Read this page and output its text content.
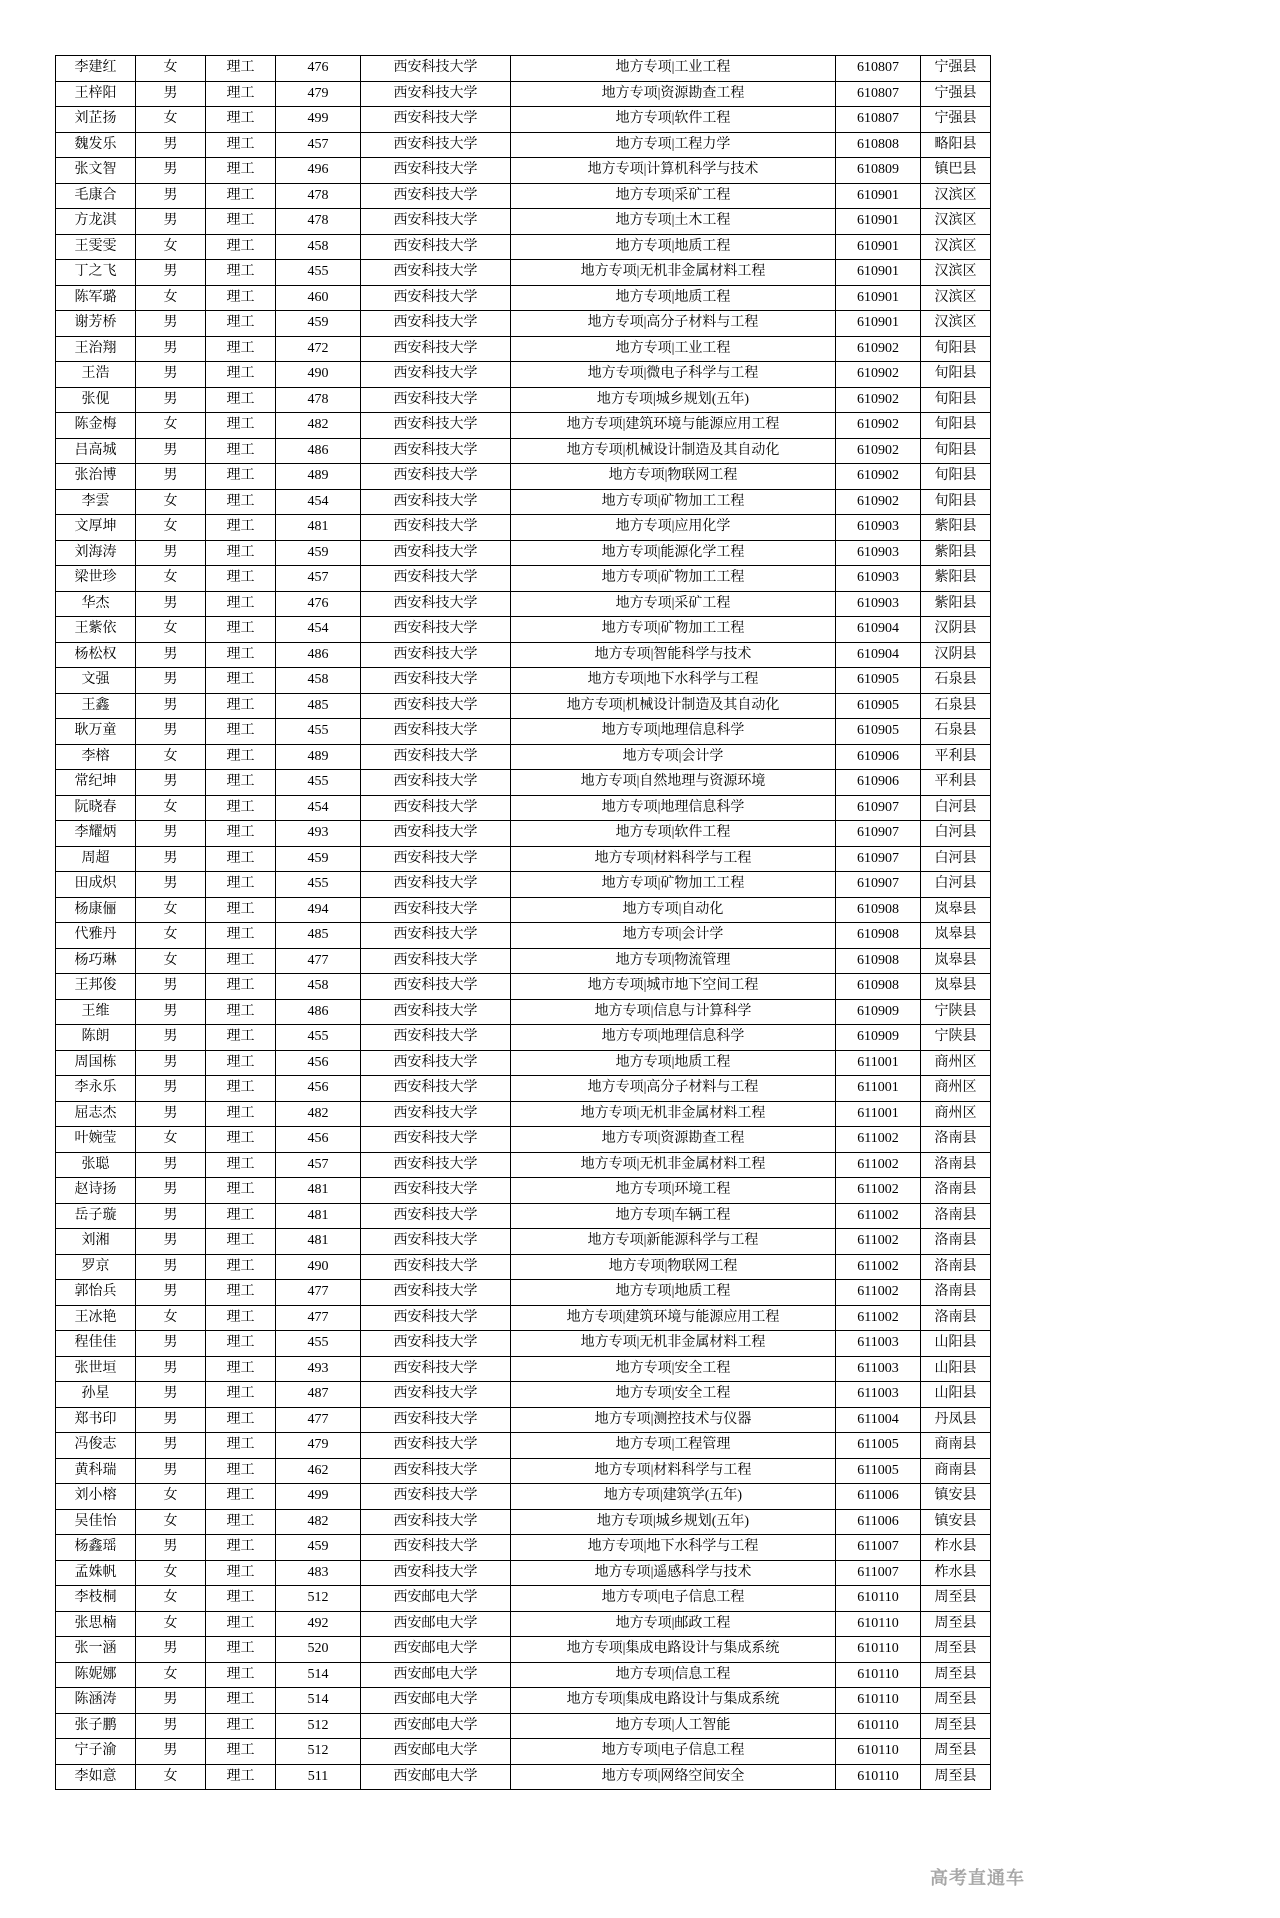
李建红	女	理工	476	西安科技大学	地方专项|工业工程	610807	宁强县
王梓阳	男	理工	479	西安科技大学	地方专项|资源勘查工程	610807	宁强县
刘芷扬	女	理工	499	西安科技大学	地方专项|软件工程	610807	宁强县
魏发乐	男	理工	457	西安科技大学	地方专项|工程力学	610808	略阳县
张文智	男	理工	496	西安科技大学	地方专项|计算机科学与技术	610809	镇巴县
毛康合	男	理工	478	西安科技大学	地方专项|采矿工程	610901	汉滨区
方龙淇	男	理工	478	西安科技大学	地方专项|土木工程	610901	汉滨区
王雯雯	女	理工	458	西安科技大学	地方专项|地质工程	610901	汉滨区
丁之飞	男	理工	455	西安科技大学	地方专项|无机非金属材料工程	610901	汉滨区
陈军璐	女	理工	460	西安科技大学	地方专项|地质工程	610901	汉滨区
谢芳桥	男	理工	459	西安科技大学	地方专项|高分子材料与工程	610901	汉滨区
王治翔	男	理工	472	西安科技大学	地方专项|工业工程	610902	旬阳县
王浩	男	理工	490	西安科技大学	地方专项|微电子科学与工程	610902	旬阳县
张伣	男	理工	478	西安科技大学	地方专项|城乡规划(五年)	610902	旬阳县
陈金梅	女	理工	482	西安科技大学	地方专项|建筑环境与能源应用工程	610902	旬阳县
吕高城	男	理工	486	西安科技大学	地方专项|机械设计制造及其自动化	610902	旬阳县
张治博	男	理工	489	西安科技大学	地方专项|物联网工程	610902	旬阳县
李雲	女	理工	454	西安科技大学	地方专项|矿物加工工程	610902	旬阳县
文厚坤	女	理工	481	西安科技大学	地方专项|应用化学	610903	紫阳县
刘海涛	男	理工	459	西安科技大学	地方专项|能源化学工程	610903	紫阳县
梁世珍	女	理工	457	西安科技大学	地方专项|矿物加工工程	610903	紫阳县
华杰	男	理工	476	西安科技大学	地方专项|采矿工程	610903	紫阳县
王紫依	女	理工	454	西安科技大学	地方专项|矿物加工工程	610904	汉阴县
杨松权	男	理工	486	西安科技大学	地方专项|智能科学与技术	610904	汉阴县
文强	男	理工	458	西安科技大学	地方专项|地下水科学与工程	610905	石泉县
王鑫	男	理工	485	西安科技大学	地方专项|机械设计制造及其自动化	610905	石泉县
耿万童	男	理工	455	西安科技大学	地方专项|地理信息科学	610905	石泉县
李榕	女	理工	489	西安科技大学	地方专项|会计学	610906	平利县
常纪坤	男	理工	455	西安科技大学	地方专项|自然地理与资源环境	610906	平利县
阮晓春	女	理工	454	西安科技大学	地方专项|地理信息科学	610907	白河县
李耀炳	男	理工	493	西安科技大学	地方专项|软件工程	610907	白河县
周超	男	理工	459	西安科技大学	地方专项|材料科学与工程	610907	白河县
田成炽	男	理工	455	西安科技大学	地方专项|矿物加工工程	610907	白河县
杨康俪	女	理工	494	西安科技大学	地方专项|自动化	610908	岚皋县
代雅丹	女	理工	485	西安科技大学	地方专项|会计学	610908	岚皋县
杨巧琳	女	理工	477	西安科技大学	地方专项|物流管理	610908	岚皋县
王邦俊	男	理工	458	西安科技大学	地方专项|城市地下空间工程	610908	岚皋县
王维	男	理工	486	西安科技大学	地方专项|信息与计算科学	610909	宁陕县
陈朗	男	理工	455	西安科技大学	地方专项|地理信息科学	610909	宁陕县
周国栋	男	理工	456	西安科技大学	地方专项|地质工程	611001	商州区
李永乐	男	理工	456	西安科技大学	地方专项|高分子材料与工程	611001	商州区
屈志杰	男	理工	482	西安科技大学	地方专项|无机非金属材料工程	611001	商州区
叶婉莹	女	理工	456	西安科技大学	地方专项|资源勘查工程	611002	洛南县
张聪	男	理工	457	西安科技大学	地方专项|无机非金属材料工程	611002	洛南县
赵诗扬	男	理工	481	西安科技大学	地方专项|环境工程	611002	洛南县
岳子璇	男	理工	481	西安科技大学	地方专项|车辆工程	611002	洛南县
刘湘	男	理工	481	西安科技大学	地方专项|新能源科学与工程	611002	洛南县
罗京	男	理工	490	西安科技大学	地方专项|物联网工程	611002	洛南县
郭怡兵	男	理工	477	西安科技大学	地方专项|地质工程	611002	洛南县
王冰艳	女	理工	477	西安科技大学	地方专项|建筑环境与能源应用工程	611002	洛南县
程佳佳	男	理工	455	西安科技大学	地方专项|无机非金属材料工程	611003	山阳县
张世垣	男	理工	493	西安科技大学	地方专项|安全工程	611003	山阳县
孙星	男	理工	487	西安科技大学	地方专项|安全工程	611003	山阳县
郑书印	男	理工	477	西安科技大学	地方专项|测控技术与仪器	611004	丹凤县
冯俊志	男	理工	479	西安科技大学	地方专项|工程管理	611005	商南县
黄科瑞	男	理工	462	西安科技大学	地方专项|材料科学与工程	611005	商南县
刘小榕	女	理工	499	西安科技大学	地方专项|建筑学(五年)	611006	镇安县
吴佳怡	女	理工	482	西安科技大学	地方专项|城乡规划(五年)	611006	镇安县
杨鑫瑶	男	理工	459	西安科技大学	地方专项|地下水科学与工程	611007	柞水县
孟姝帆	女	理工	483	西安科技大学	地方专项|遥感科学与技术	611007	柞水县
李枝桐	女	理工	512	西安邮电大学	地方专项|电子信息工程	610110	周至县
张思楠	女	理工	492	西安邮电大学	地方专项|邮政工程	610110	周至县
张一涵	男	理工	520	西安邮电大学	地方专项|集成电路设计与集成系统	610110	周至县
陈妮娜	女	理工	514	西安邮电大学	地方专项|信息工程	610110	周至县
陈涵涛	男	理工	514	西安邮电大学	地方专项|集成电路设计与集成系统	610110	周至县
张子鹏	男	理工	512	西安邮电大学	地方专项|人工智能	610110	周至县
宁子渝	男	理工	512	西安邮电大学	地方专项|电子信息工程	610110	周至县
李如意	女	理工	511	西安邮电大学	地方专项|网络空间安全	610110	周至县
高考直通车
